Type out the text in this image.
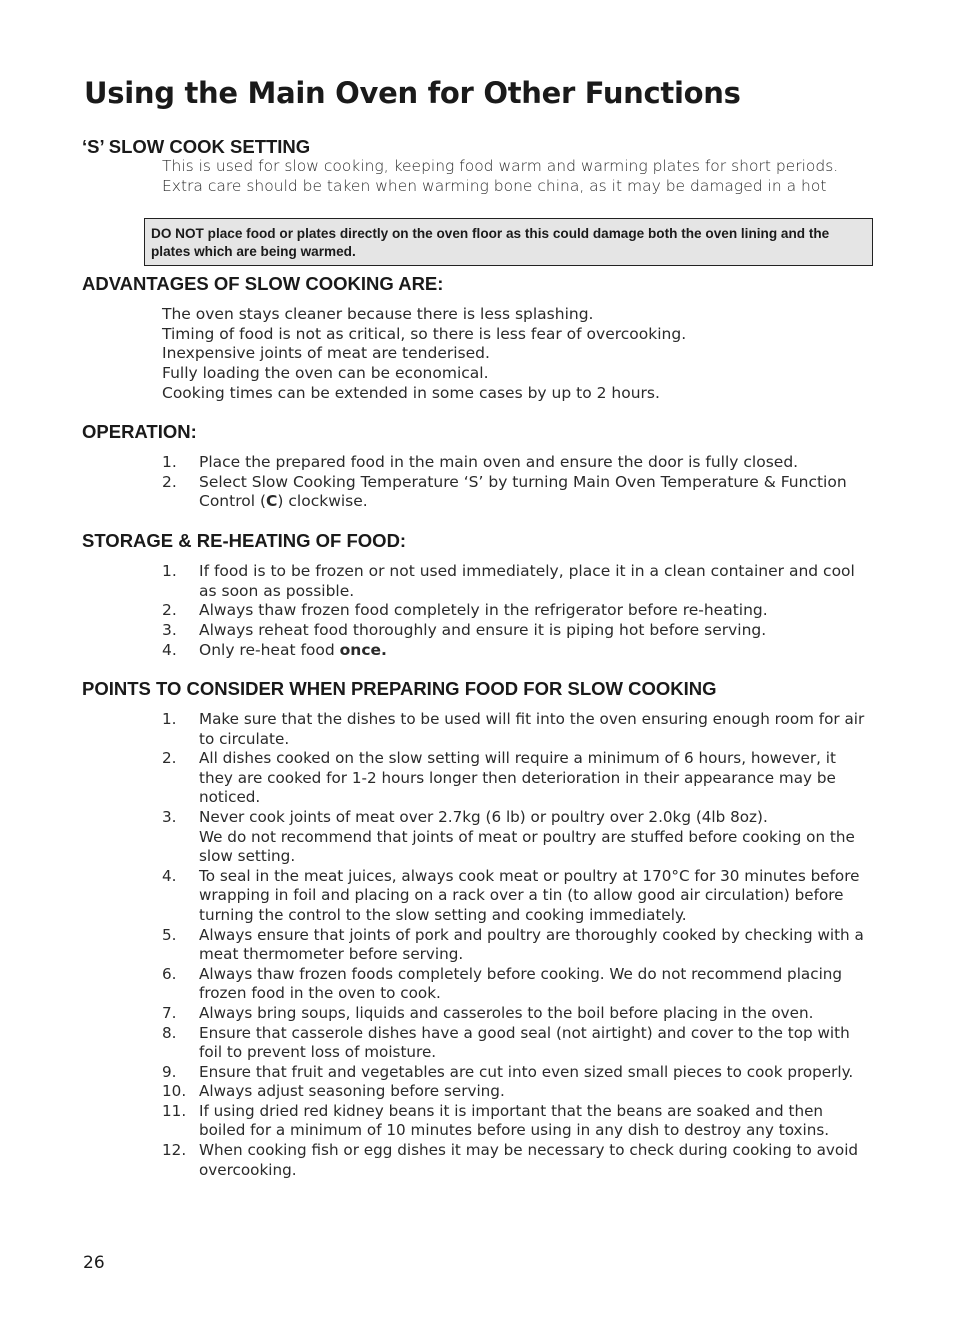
Using the Main Oven for Other Functions
‘S’ SLOW COOK SETTING

This is used for slow cooking, keeping food warm and warming plates for short periods. Extra care should be taken when warming bone china, as it may be damaged in a hot

DO NOT place food or plates directly on the oven floor as this could damage both the oven lining and the plates which are being warmed.
ADVANTAGES OF SLOW COOKING ARE:
The oven stays cleaner because there is less splashing.
Timing of food is not as critical, so there is less fear of overcooking.
Inexpensive joints of meat are tenderised.
Fully loading the oven can be economical.
Cooking times can be extended in some cases by up to 2 hours.
OPERATION:
1.	Place the prepared food in the main oven and ensure the door is fully closed.
2.	Select Slow Cooking Temperature ‘S’ by turning Main Oven Temperature & Function Control (C) clockwise.
STORAGE & RE-HEATING OF FOOD:
1.	If food is to be frozen or not used immediately, place it in a clean container and cool as soon as possible.
2.	Always thaw frozen food completely in the refrigerator before re-heating.
3.	Always reheat food thoroughly and ensure it is piping hot before serving.
4.	Only re-heat food once.
POINTS TO CONSIDER WHEN PREPARING FOOD FOR SLOW COOKING
1.	Make sure that the dishes to be used will fit into the oven ensuring enough room for air to circulate.
2.	All dishes cooked on the slow setting will require a minimum of 6 hours, however, it they are cooked for 1-2 hours longer then deterioration in their appearance may be noticed.
3.	Never cook joints of meat over 2.7kg (6 lb) or poultry over 2.0kg (4lb 8oz).
We do not recommend that joints of meat or poultry are stuffed before cooking on the slow setting.
4.	To seal in the meat juices, always cook meat or poultry at 170°C for 30 minutes before wrapping in foil and placing on a rack over a tin (to allow good air circulation) before turning the control to the slow setting and cooking immediately.
5.	Always ensure that joints of pork and poultry are thoroughly cooked by checking with a meat thermometer before serving.
6.	Always thaw frozen foods completely before cooking. We do not recommend placing frozen food in the oven to cook.
7.	Always bring soups, liquids and casseroles to the boil before placing in the oven.
8.	Ensure that casserole dishes have a good seal (not airtight) and cover to the top with foil to prevent loss of moisture.
9.	Ensure that fruit and vegetables are cut into even sized small pieces to cook properly.
10. Always adjust seasoning before serving.
11. If using dried red kidney beans it is important that the beans are soaked and then boiled for a minimum of 10 minutes before using in any dish to destroy any toxins.
12. When cooking fish or egg dishes it may be necessary to check during cooking to avoid overcooking.
26
